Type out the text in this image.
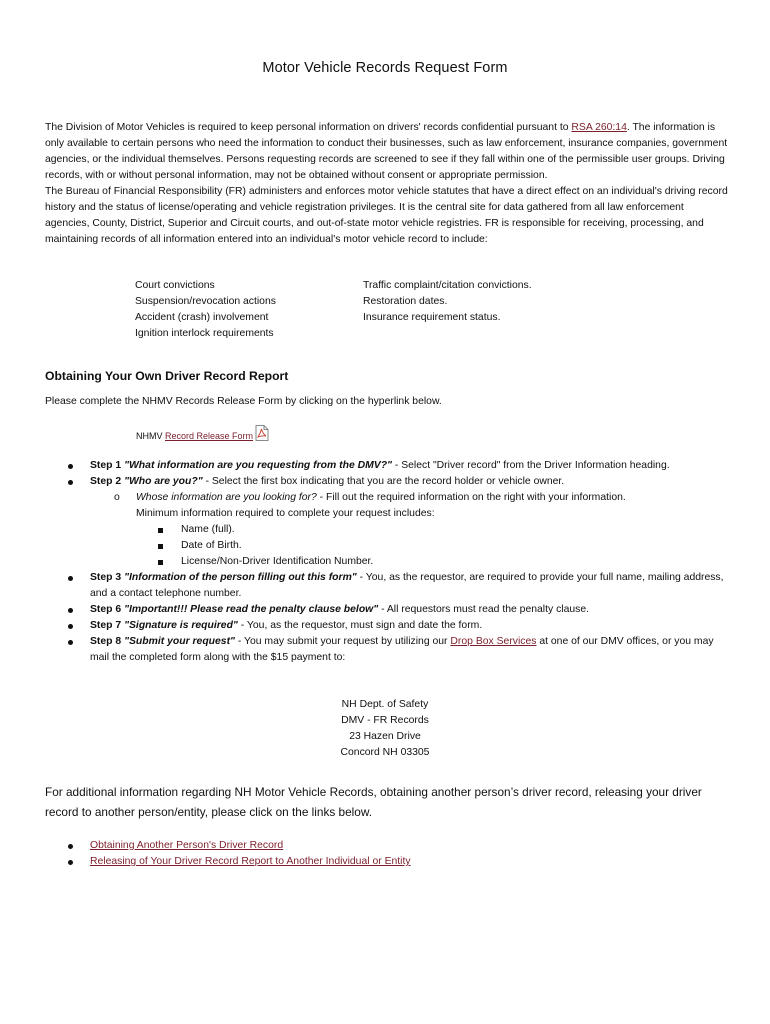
Motor Vehicle Records Request Form

The Division of Motor Vehicles is required to keep personal information on drivers' records confidential pursuant to RSA 260:14. The information is only available to certain persons who need the information to conduct their businesses, such as law enforcement, insurance companies, government agencies, or the individual themselves. Persons requesting records are screened to see if they fall within one of the permissible user groups. Driving records, with or without personal information, may not be obtained without consent or appropriate permission.

The Bureau of Financial Responsibility (FR) administers and enforces motor vehicle statutes that have a direct effect on an individual's driving record history and the status of license/operating and vehicle registration privileges. It is the central site for data gathered from all law enforcement agencies, County, District, Superior and Circuit courts, and out-of-state motor vehicle registries. FR is responsible for receiving, processing, and maintaining records of all information entered into an individual's motor vehicle record to include:

Court convictions	Traffic complaint/citation convictions.
Suspension/revocation actions	Restoration dates.
Accident (crash) involvement	Insurance requirement status.
Ignition interlock requirements
Obtaining Your Own Driver Record Report
Please complete the NHMV Records Release Form by clicking on the hyperlink below.
NHMV Record Release Form
Step 1 "What information are you requesting from the DMV?" - Select "Driver record" from the Driver Information heading.
Step 2 "Who are you?" - Select the first box indicating that you are the record holder or vehicle owner.
o Whose information are you looking for? - Fill out the required information on the right with your information.
Minimum information required to complete your request includes:
Name (full).
Date of Birth.
License/Non-Driver Identification Number.
Step 3 "Information of the person filling out this form" - You, as the requestor, are required to provide your full name, mailing address, and a contact telephone number.
Step 6 "Important!!! Please read the penalty clause below" - All requestors must read the penalty clause.
Step 7 "Signature is required" - You, as the requestor, must sign and date the form.
Step 8 "Submit your request" - You may submit your request by utilizing our Drop Box Services at one of our DMV offices, or you may mail the completed form along with the $15 payment to:
NH Dept. of Safety
DMV - FR Records
23 Hazen Drive
Concord NH 03305
For additional information regarding NH Motor Vehicle Records, obtaining another person’s driver record, releasing your driver record to another person/entity, please click on the links below.
Obtaining Another Person's Driver Record
Releasing of Your Driver Record Report to Another Individual or Entity
